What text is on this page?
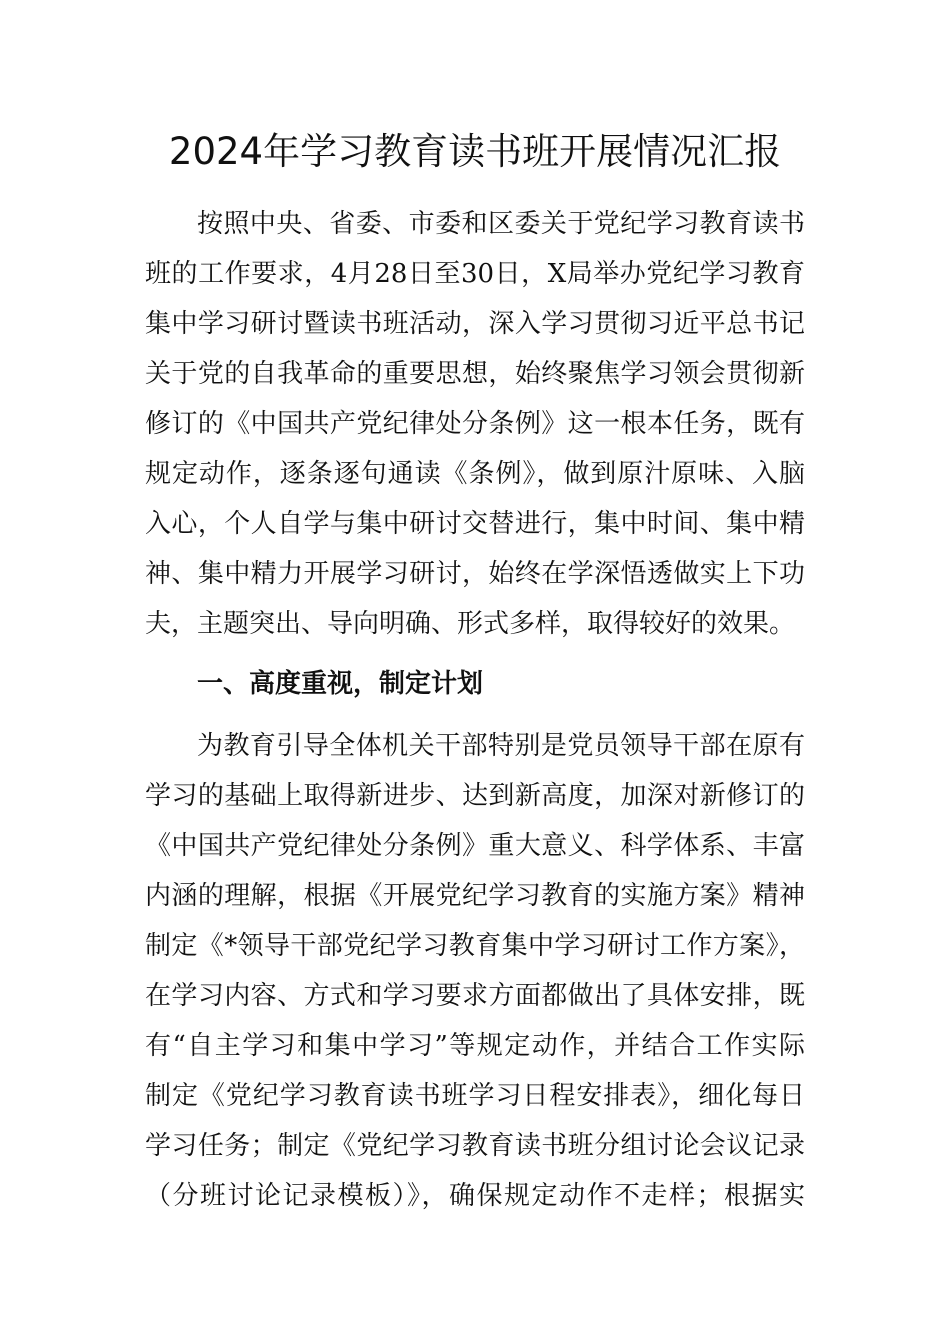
2024年学习教育读书班开展情况汇报
按照中央、省委、市委和区委关于党纪学习教育读书
班的工作要求，4月28日至30日，X局举办党纪学习教育
集中学习研讨暨读书班活动，深入学习贯彻习近平总书记
关于党的自我革命的重要思想，始终聚焦学习领会贯彻新
修订的《中国共产党纪律处分条例》这一根本任务，既有
规定动作，逐条逐句通读《条例》，做到原汁原味、入脑
入心，个人自学与集中研讨交替进行，集中时间、集中精
神、集中精力开展学习研讨，始终在学深悟透做实上下功
夫，主题突出、导向明确、形式多样，取得较好的效果。
一、高度重视，制定计划
为教育引导全体机关干部特别是党员领导干部在原有
学习的基础上取得新进步、达到新高度，加深对新修订的
《中国共产党纪律处分条例》重大意义、科学体系、丰富
内涵的理解，根据《开展党纪学习教育的实施方案》精神
制定《*领导干部党纪学习教育集中学习研讨工作方案》，
在学习内容、方式和学习要求方面都做出了具体安排，既
有“自主学习和集中学习”等规定动作，并结合工作实际
制定《党纪学习教育读书班学习日程安排表》，细化每日
学习任务；制定《党纪学习教育读书班分组讨论会议记录
（分班讨论记录模板）》，确保规定动作不走样；根据实
